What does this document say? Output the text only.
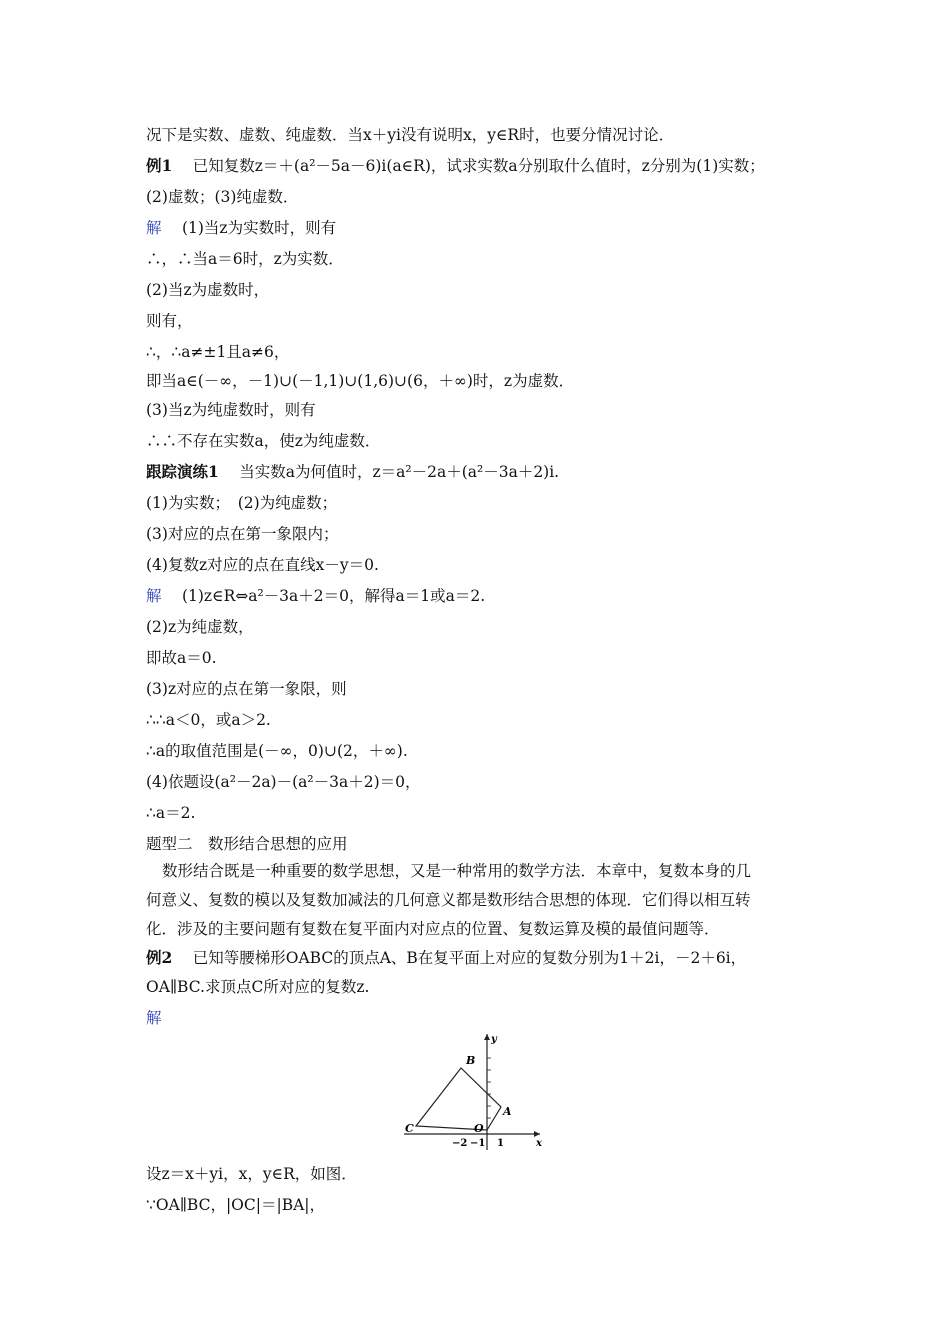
况下是实数、虚数、纯虚数．当x＋yi没有说明x，y∈R时，也要分情况讨论．
例1 　 已知复数z＝＋(a²－5a－6)i(a∈R)，试求实数a分别取什么值时，z分别为(1)实数；
(2)虚数；(3)纯虚数．
解 　 (1)当z为实数时，则有
∴，∴当a＝6时，z为实数．
(2)当z为虚数时，
则有，
∴，∴a≠±1且a≠6，
即当a∈(－∞，－1)∪(－1,1)∪(1,6)∪(6，＋∞)时，z为虚数．
(3)当z为纯虚数时，则有
∴∴不存在实数a，使z为纯虚数．
跟踪演练1 　 当实数a为何值时，z＝a²－2a＋(a²－3a＋2)i.
(1)为实数；　(2)为纯虚数；
(3)对应的点在第一象限内；
(4)复数z对应的点在直线x－y＝0.
解 　 (1)z∈R⇔a²－3a＋2＝0，解得a＝1或a＝2.
(2)z为纯虚数，
即故a＝0.
(3)z对应的点在第一象限，则
∴∴a＜0，或a＞2.
∴a的取值范围是(－∞，0)∪(2，＋∞).
(4)依题设(a²－2a)－(a²－3a＋2)＝0，
∴a＝2.
题型二　数形结合思想的应用
数形结合既是一种重要的数学思想，又是一种常用的数学方法．本章中，复数本身的几
何意义、复数的模以及复数加减法的几何意义都是数形结合思想的体现．它们得以相互转
化．涉及的主要问题有复数在复平面内对应点的位置、复数运算及模的最值问题等．
例2 　 已知等腰梯形OABC的顶点A、B在复平面上对应的复数分别为1＋2i，－2＋6i，
OA∥BC.求顶点C所对应的复数z.
解
B
A
C	O
x
y
−2 −1 1
设z＝x＋yi，x，y∈R，如图．
∵OA∥BC，|OC|＝|BA|，
